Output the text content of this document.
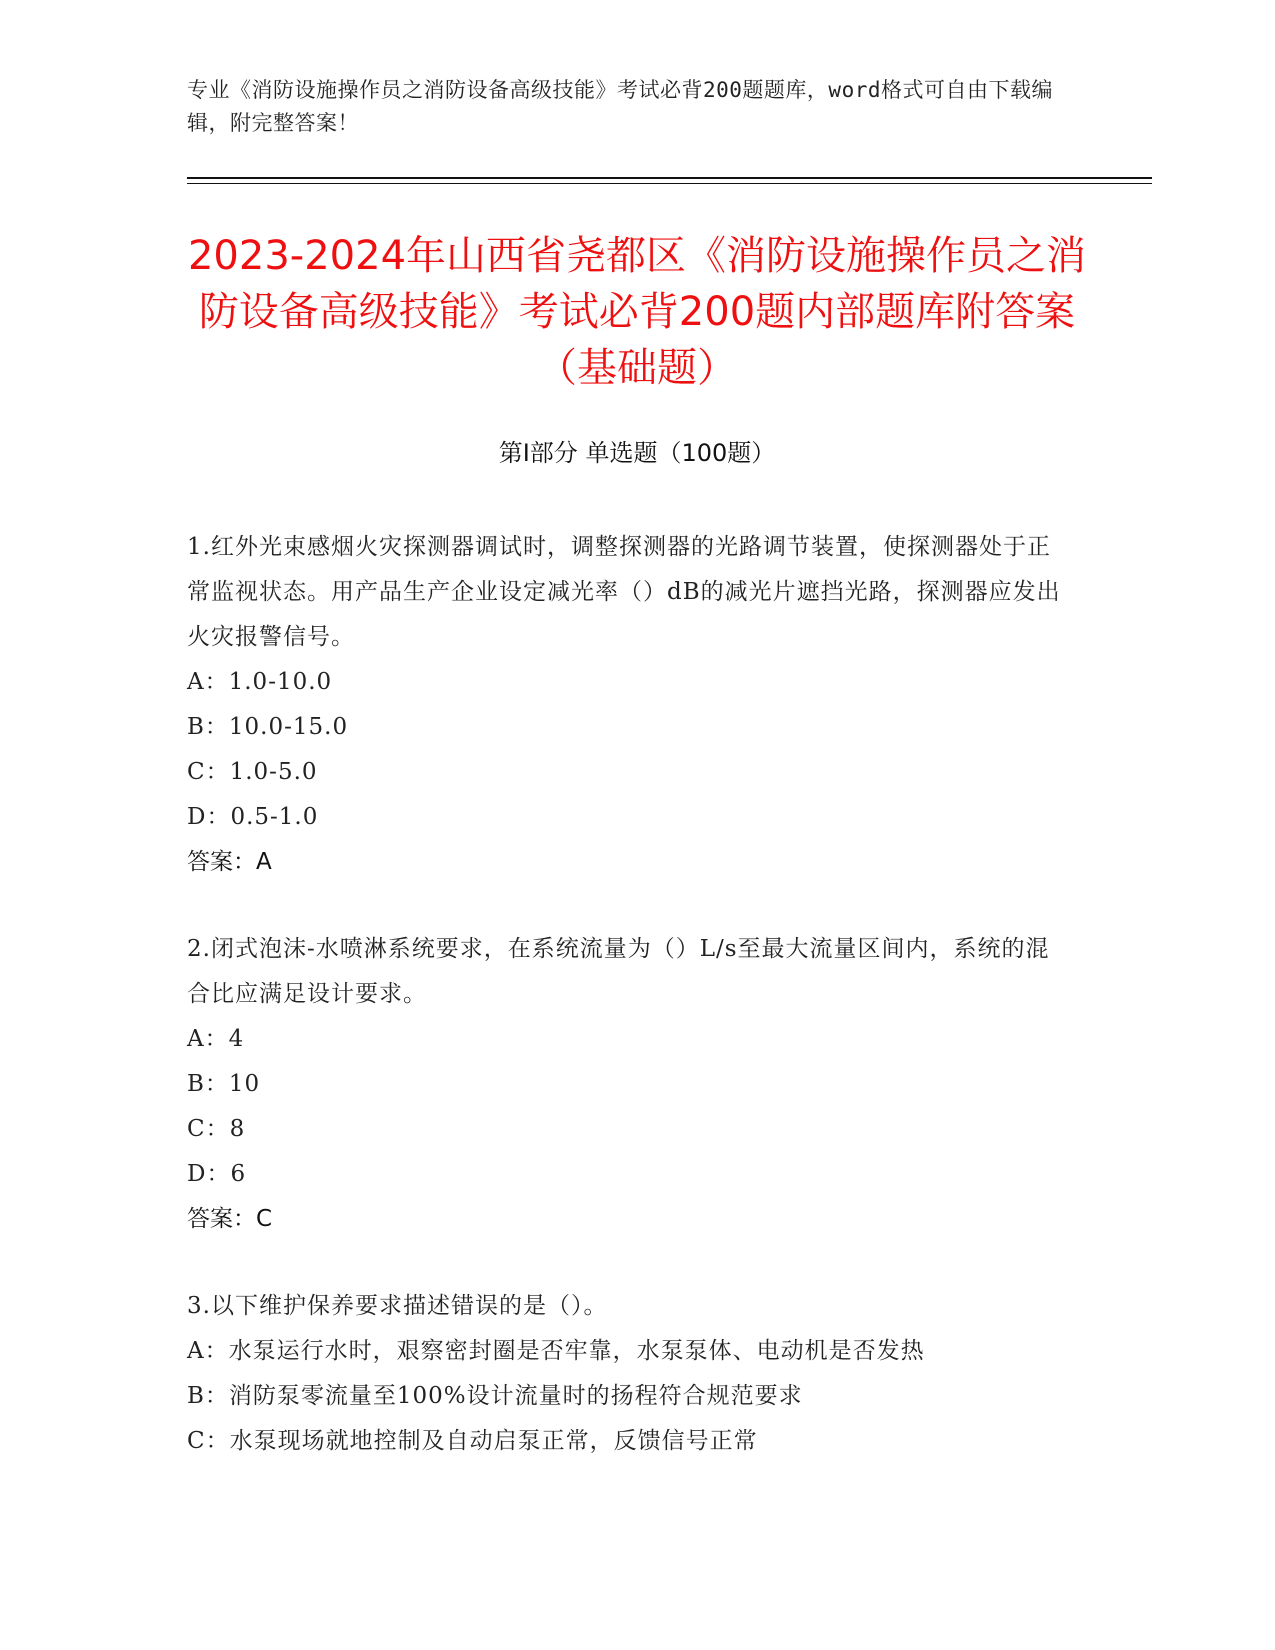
专业《消防设施操作员之消防设备高级技能》考试必背200题题库，word格式可自由下载编辑，附完整答案！
2023-2024年山西省尧都区《消防设施操作员之消防设备高级技能》考试必背200题内部题库附答案（基础题）
第I部分 单选题（100题）
1.红外光束感烟火灾探测器调试时，调整探测器的光路调节装置，使探测器处于正常监视状态。用产品生产企业设定减光率（）dB的减光片遮挡光路，探测器应发出火灾报警信号。
A：1.0-10.0
B：10.0-15.0
C：1.0-5.0
D：0.5-1.0
答案：A
2.闭式泡沫-水喷淋系统要求，在系统流量为（）L/s至最大流量区间内，系统的混合比应满足设计要求。
A：4
B：10
C：8
D：6
答案：C
3.以下维护保养要求描述错误的是（）。
A：水泵运行水时，艰察密封圈是否牢靠，水泵泵体、电动机是否发热
B：消防泵零流量至100%设计流量时的扬程符合规范要求
C：水泵现场就地控制及自动启泵正常，反馈信号正常
